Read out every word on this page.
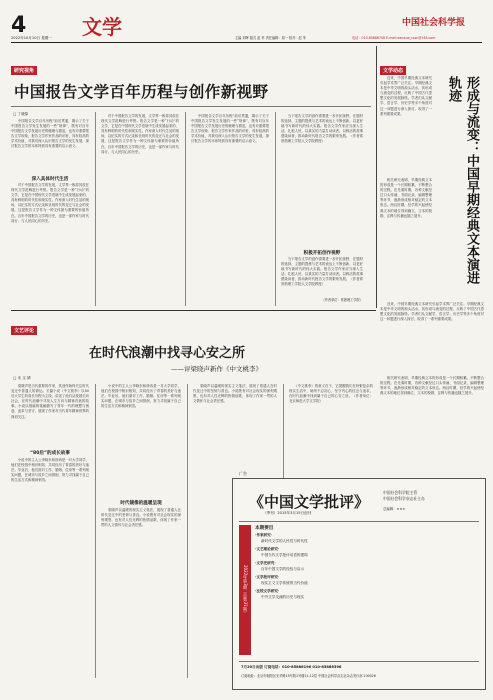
4
2022年10月10日 星期一 文学	中国社会科学报
主编 刘晖 版式 赵 苇 责任编辑：周一 校对：赵 苇	电话：010-85886708 E-mail:wenxue_cssn@163.com
研究视角
中国报告文学百年历程与创作新视野
□ 丁晓原
　　中国报告文学百年历程”前后贯通，揭示了关于中国报告文学发生发展的一些“规律”，既有对百年中国报告文学发展历史的梳理与描述，也有对重要报告文学现象、报告文学作家作品的评析，具有较高的学术价值，对我们深入认识报告文学的发生发展，探讨报告文学的本体特质具有重要的启示意义。
深入具体时代生活
　　对于中国报告文学的发展，文学界一般将其放在现代文学范畴进行考察。报告文学是一种“行动”的文学，它是在中国现代文学语境中生成发展起来的，具有鲜明的时代性和现实性。作家深入时代生活的现场，以纪实的方式记录和呈现时代的变迁与社会的发展，这是报告文学作为一种文体最为重要的价值所在。百年中国报告文学的历史，也是一部作家与时代同行、与人民同心的历史。
　　对于中国报告文学的发展，文学界一般将其放在现代文学范畴进行考察。报告文学是一种“行动”的文学，它是在中国现代文学语境中生成发展起来的，具有鲜明的时代性和现实性。作家深入时代生活的现场，以纪实的方式记录和呈现时代的变迁与社会的发展，这是报告文学作为一种文体最为重要的价值所在。百年中国报告文学的历史，也是一部作家与时代同行、与人民同心的历史。
　　中国报告文学百年历程”前后贯通，揭示了关于中国报告文学发生发展的一些“规律”，既有对百年中国报告文学发展历史的梳理与描述，也有对重要报告文学现象、报告文学作家作品的评析，具有较高的学术价值，对我们深入认识报告文学的发生发展，探讨报告文学的本体特质具有重要的启示意义。
　　当下报告文学的创作需要进一步开拓视野，在题材的选择、主题的提炼与艺术的表达上不断创新，以更好地书写新时代的伟大实践。报告文学作家应当深入生活、扎根人民，以真实的力量打动读者，以鲜活的故事感染读者，推动新时代报告文学的繁荣发展。（作者系常熟理工学院人文学院教授）
积极开拓创作视野
　　当下报告文学的创作需要进一步开拓视野，在题材的选择、主题的提炼与艺术的表达上不断创新，以更好地书写新时代的伟大实践。报告文学作家应当深入生活、扎根人民，以真实的力量打动读者，以鲜活的故事感染读者，推动新时代报告文学的繁荣发展。（作者系常熟理工学院人文学院教授）
（作者单位：常熟理工学院）
文学动态
　　近来，中国早期经典文本研究引起学术界广泛关注。早期经典文本是中华文明的源头活水，其形成与流变的过程，反映了中国古代思想文化的发展脉络。学者们从文献学、语言学、历史学等多个角度对这一问题进行深入探讨，取得了一系列重要成果。	形成与流变：中国早期经典文本演进轨迹
　　相关研究表明，早期经典文本的形成是一个长期积累、不断整合的过程。在先秦时期，各种文献经过口头传诵、书面记录、编辑整理等环节，逐渐形成相对稳定的文本形态。两汉时期，经学的兴起使经典文本的地位得到确立，文本的校勘、注释与传播也随之展开。
　　近来，中国早期经典文本研究引起学术界广泛关注。早期经典文本是中华文明的源头活水，其形成与流变的过程，反映了中国古代思想文化的发展脉络。学者们从文献学、语言学、历史学等多个角度对这一问题进行深入探讨，取得了一系列重要成果。
　　相关研究表明，早期经典文本的形成是一个长期积累、不断整合的过程。在先秦时期，各种文献经过口头传诵、书面记录、编辑整理等环节，逐渐形成相对稳定的文本形态。两汉时期，经学的兴起使经典文本的地位得到确立，文本的校勘、注释与传播也随之展开。
文艺评论
在时代浪潮中找寻心安之所
——评梁晓声新作《中文桃李》
□ 禾 玉 婧
　　梁晓声是当代重要的作家，其创作始终关注时代变迁中普通人的命运。长篇小说《中文桃李》以80后大学生的成长历程为主线，讲述了他们从校园走向社会，在时代浪潮中寻找人生方向与精神归宿的故事。小说以细腻的笔触描写了青年一代的理想与困惑、追求与坚守，展现了作家对当代青年精神世界的深切关注。
“80后”的成长故事
　　小说中的主人公李晓东和徐冉是一对大学同学，他们在校园中相识相知，共同经历了青春的美好与迷茫。毕业后，他们面对工作、婚姻、住房等一系列现实问题，在城市与故乡之间徘徊，努力寻找属于自己的生活方式和精神家园。
　　小说中的主人公李晓东和徐冉是一对大学同学，他们在校园中相识相知，共同经历了青春的美好与迷茫。毕业后，他们面对工作、婚姻、住房等一系列现实问题，在城市与故乡之间徘徊，努力寻找属于自己的生活方式和精神家园。
时代镜像的温暖呈现
　　梁晓声以温暖的现实主义笔法，展现了普通人在时代变迁中的坚韧与善良。小说既有对社会现实的深刻观察，也有对人性光辉的热情讴歌，体现了作家一贯的人文情怀与社会责任感。
　　梁晓声以温暖的现实主义笔法，展现了普通人在时代变迁中的坚韧与善良。小说既有对社会现实的深刻观察，也有对人性光辉的热情讴歌，体现了作家一贯的人文情怀与社会责任感。
　　《中文桃李》的意义在于，它提醒我们在纷繁复杂的现实生活中，始终不忘初心，坚守内心的信念与追求，在时代浪潮中找到属于自己的心安之所。（作者单位：北京师范大学文学院）
广告
《中国文学批评》
（季刊）2015年3月15日创刊
中国社会科学院主管
中国社会科学杂志社主办
总编辑：×××
2022年第3期（总第31期）
本期要目
·作家研究·
新时代文学的人民性与时代性
·文艺理论研究·
中国当代文学批评话语的建构
·文学史研究·
百年中国文学的经验与启示
·文学批评研究·
现实主义文学传统的当代价值
·比较文学研究·
中外文学交流的历史与现实
7月20日出版 订阅电话：010-85886196 010-85886396
订阅地址：北京市朝阳区光华路15号院1号楼11-12层 中国社会科学杂志社杂志发行部 100026
